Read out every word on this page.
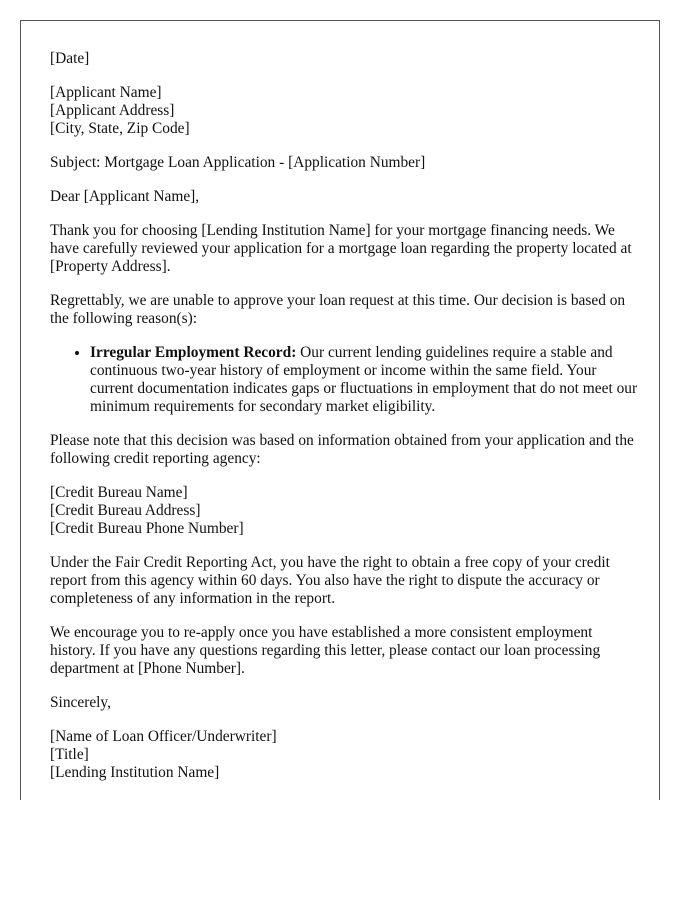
[Date]

[Applicant Name]
[Applicant Address]
[City, State, Zip Code]

Subject: Mortgage Loan Application - [Application Number]

Dear [Applicant Name],

Thank you for choosing [Lending Institution Name] for your mortgage financing needs. We have carefully reviewed your application for a mortgage loan regarding the property located at [Property Address].

Regrettably, we are unable to approve your loan request at this time. Our decision is based on the following reason(s):

• Irregular Employment Record: Our current lending guidelines require a stable and continuous two-year history of employment or income within the same field. Your current documentation indicates gaps or fluctuations in employment that do not meet our minimum requirements for secondary market eligibility.

Please note that this decision was based on information obtained from your application and the following credit reporting agency:

[Credit Bureau Name]
[Credit Bureau Address]
[Credit Bureau Phone Number]

Under the Fair Credit Reporting Act, you have the right to obtain a free copy of your credit report from this agency within 60 days. You also have the right to dispute the accuracy or completeness of any information in the report.

We encourage you to re-apply once you have established a more consistent employment history. If you have any questions regarding this letter, please contact our loan processing department at [Phone Number].

Sincerely,

[Name of Loan Officer/Underwriter]
[Title]
[Lending Institution Name]
